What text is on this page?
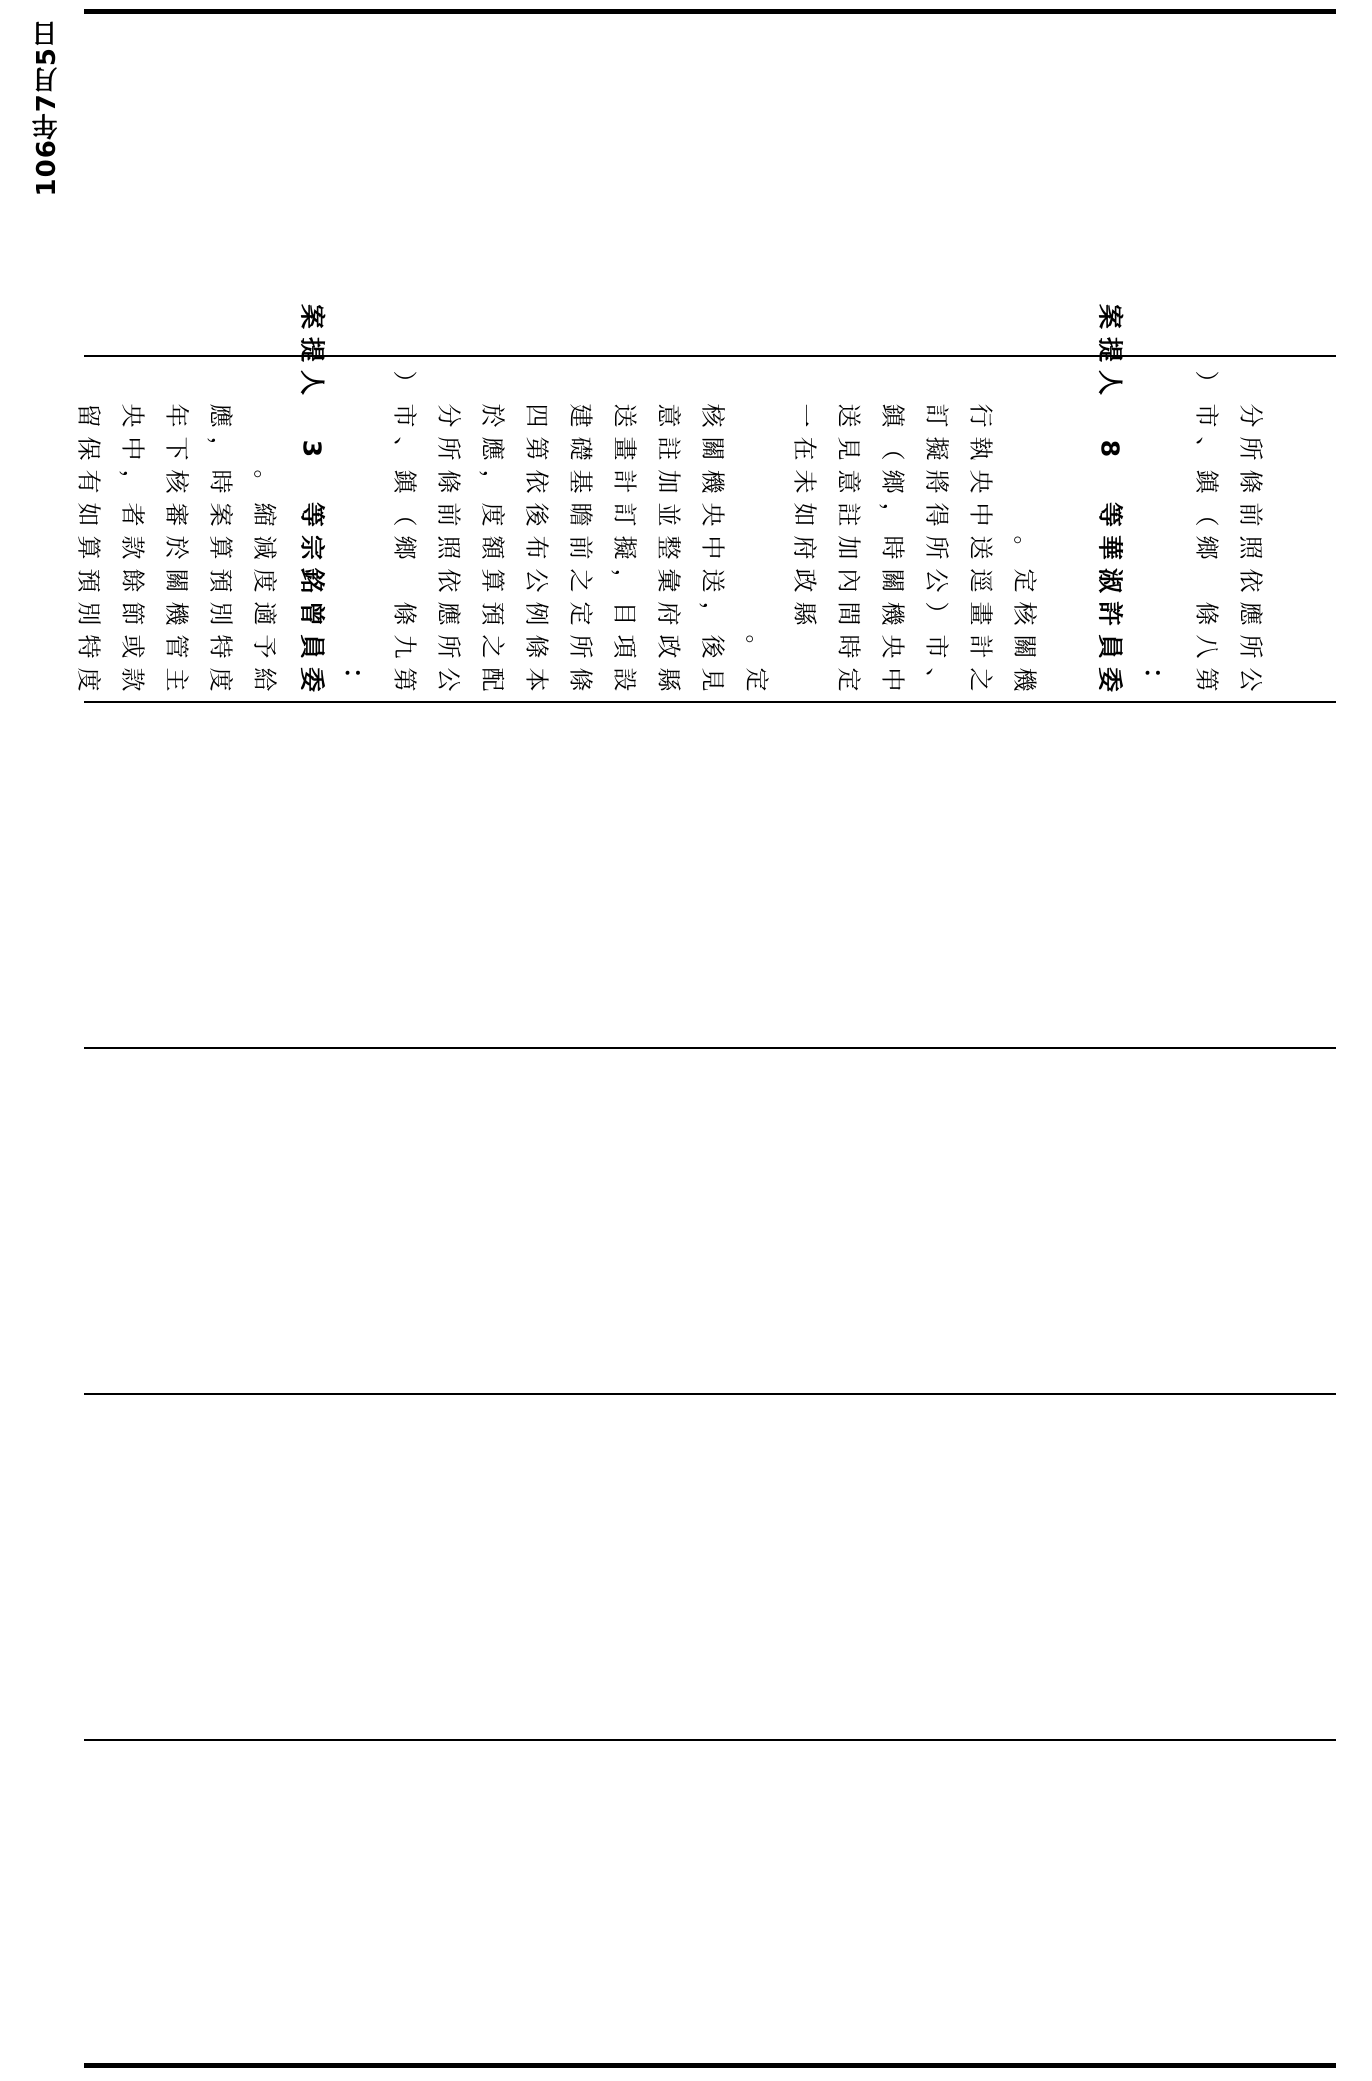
106年7月5日
度
特
別
預
算
如
有
保
留
款
或
節
餘
款
者
，
中
央
主
管
機
關
於
審
核
下
年
度
特
別
預
算
案
時
，
應
給
予
適
度
減
縮
。
委
員
曾
銘
宗
等

3

人
提
案
： 第
九
條

鄉
（
鎮
、
市
）
公
所
應
依
照
前
條
所
分
配
之
預
算
額
度
，
應
於
本
條
例
公
布
後
依
第
四
條
所
定
之
前
瞻
基
礎
建
設
項
目
，
擬
訂
計
畫
送
縣
政
府
彙
整
並
加
註
意
見
後
，
送
中
央
機
關
核
定
。
縣
政
府
如
未
在
一
定
時
間
內
加
註
意
見
送
中
央
機
關
時
，
鄉
（
鎮
、
市
）
公
所
得
將
擬
訂
之
計
畫
逕
送
中
央
執
行
機
關
核
定
。
委
員
許
淑
華
等

8

人
提
案
： 第
八
條

鄉
（
鎮
、
市
）
公
所
應
依
照
前
條
所
分
